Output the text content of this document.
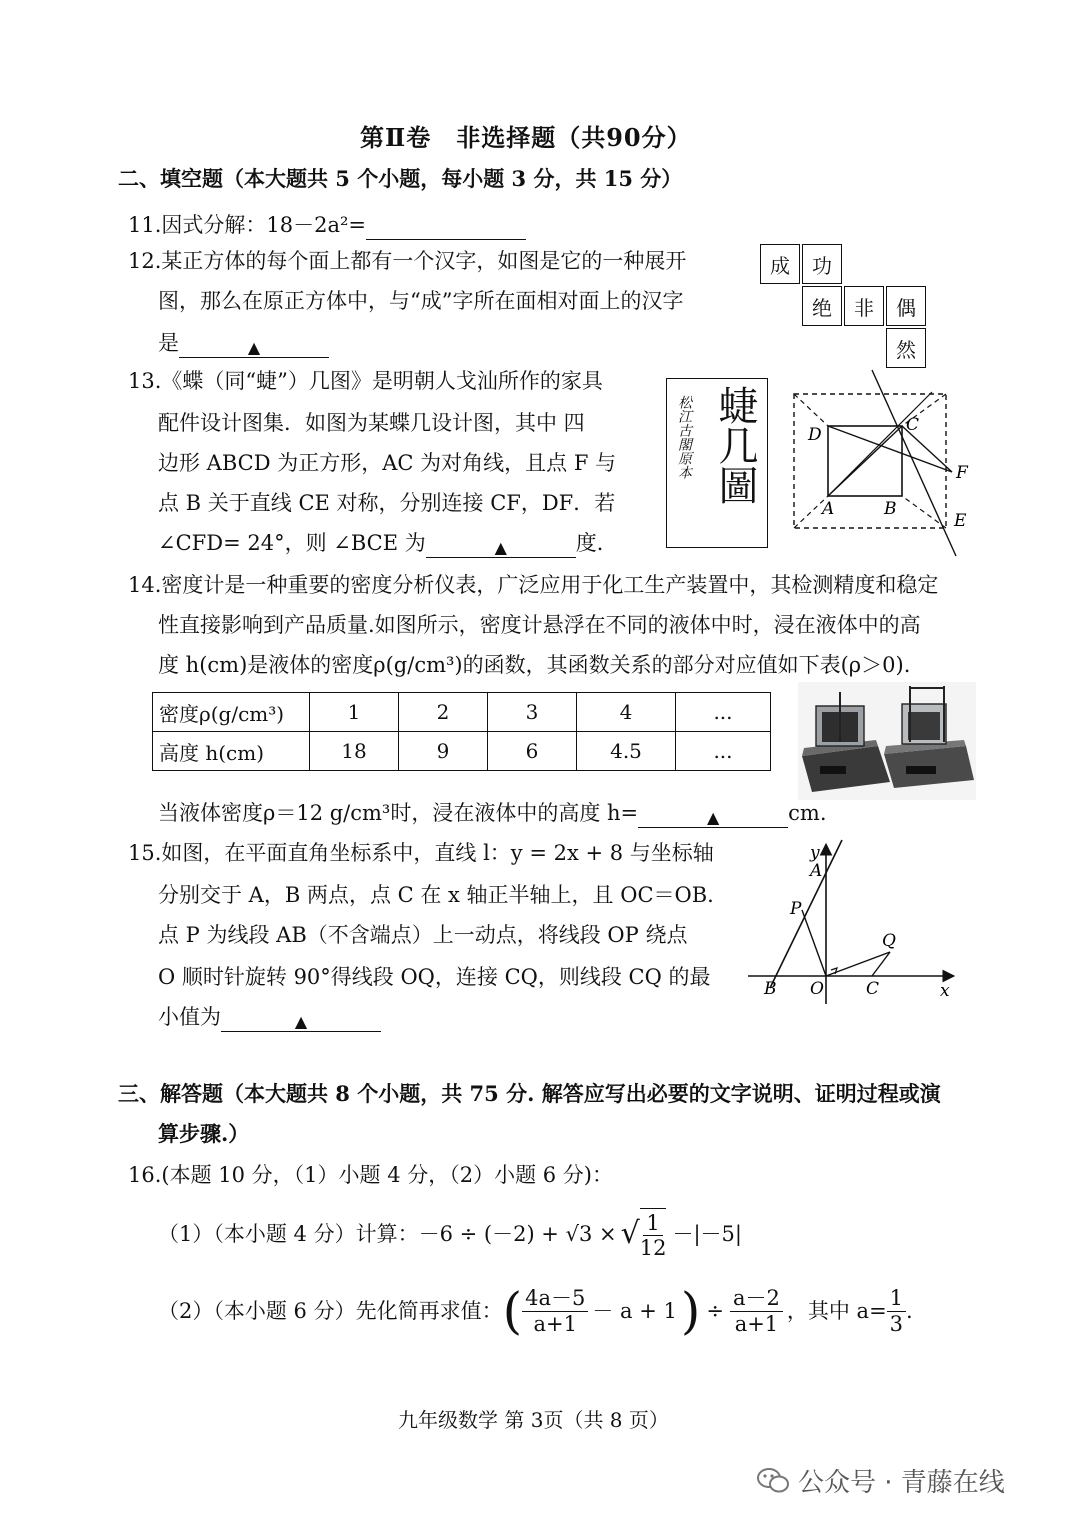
第Ⅱ卷　非选择题（共90分）
二、填空题（本大题共 5 个小题，每小题 3 分，共 15 分）
11.因式分解：18－2a²=
12.某正方体的每个面上都有一个汉字，如图是它的一种展开
图，那么在原正方体中，与“成”字所在面相对面上的汉字
是	▲
成	功
绝	非	偶
然
13.《蝶（同“蜨”）几图》是明朝人戈汕所作的家具
配件设计图集．如图为某蝶几设计图，其中 四
边形 ABCD 为正方形，AC 为对角线，且点 F 与
点 B 关于直线 CE 对称，分别连接 CF，DF．若
∠CFD= 24°，则 ∠BCE 为	▲	度．
松江古閣原本 蜨几圖	D	C
A	B
F
E
14.密度计是一种重要的密度分析仪表，广泛应用于化工生产装置中，其检测精度和稳定
性直接影响到产品质量.如图所示，密度计悬浮在不同的液体中时，浸在液体中的高
度 h(cm)是液体的密度ρ(g/cm³)的函数，其函数关系的部分对应值如下表(ρ＞0).
密度ρ(g/cm³)	1	2	3	4	...
高度 h(cm)	18	9	6	4.5	...
当液体密度ρ＝12 g/cm³时，浸在液体中的高度 h=	▲	cm.
15.如图，在平面直角坐标系中，直线 l：y = 2x + 8 与坐标轴
分别交于 A，B 两点，点 C 在 x 轴正半轴上，且 OC＝OB.
点 P 为线段 AB（不含端点）上一动点，将线段 OP 绕点
O 顺时针旋转 90°得线段 OQ，连接 CQ，则线段 CQ 的最
小值为	▲
y
x
A
B O C
P
Q
三、解答题（本大题共 8 个小题，共 75 分. 解答应写出必要的文字说明、证明过程或演
算步骤.）
16.(本题 10 分，（1）小题 4 分，（2）小题 6 分)：
（1）（本小题 4 分）计算： －6 ÷ (－2) + √3 × √ $\frac{1}{12} -|-5|$
（2）（本小题 6 分）先化简再求值： ( $\frac{4a-5}{a+1} - a + 1$ ) ÷ $\frac{a-2}{a+1}$ ，其中 $a= \frac{1}{3}$ .
九年级数学 第 3页（共 8 页）
公众号 · 青藤在线
